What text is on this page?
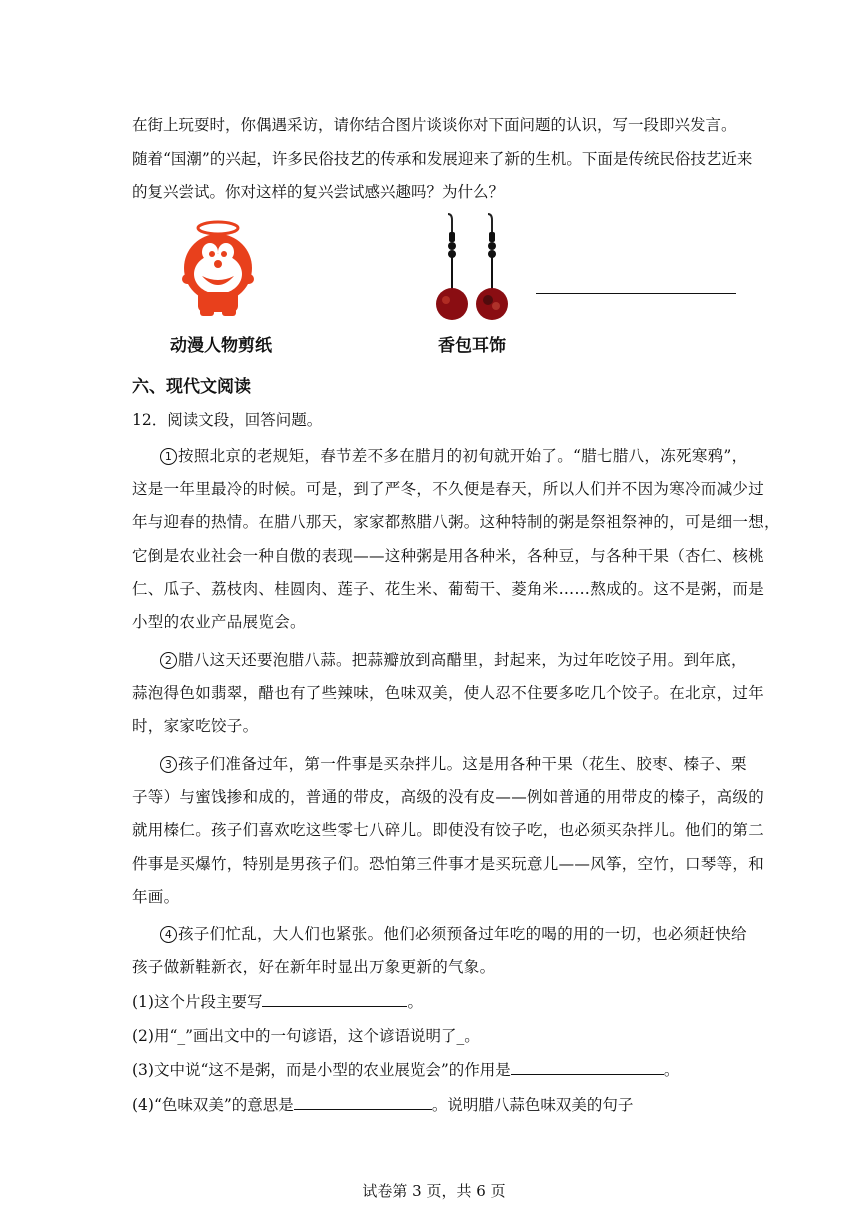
在街上玩耍时，你偶遇采访，请你结合图片谈谈你对下面问题的认识，写一段即兴发言。
随着“国潮”的兴起，许多民俗技艺的传承和发展迎来了新的生机。下面是传统民俗技艺近来
的复兴尝试。你对这样的复兴尝试感兴趣吗？为什么？
动漫人物剪纸	香包耳饰
六、现代文阅读
12．阅读文段，回答问题。
1 按照北京的老规矩，春节差不多在腊月的初旬就开始了。“腊七腊八，冻死寒鸦”，
这是一年里最冷的时候。可是，到了严冬，不久便是春天，所以人们并不因为寒冷而减少过
年与迎春的热情。在腊八那天，家家都熬腊八粥。这种特制的粥是祭祖祭神的，可是细一想，
它倒是农业社会一种自傲的表现——这种粥是用各种米，各种豆，与各种干果（杏仁、核桃
仁、瓜子、荔枝肉、桂圆肉、莲子、花生米、葡萄干、菱角米……熬成的。这不是粥，而是
小型的农业产品展览会。
2 腊八这天还要泡腊八蒜。把蒜瓣放到高醋里，封起来，为过年吃饺子用。到年底，
蒜泡得色如翡翠，醋也有了些辣味，色味双美，使人忍不住要多吃几个饺子。在北京，过年
时，家家吃饺子。
3 孩子们准备过年，第一件事是买杂拌儿。这是用各种干果（花生、胶枣、榛子、栗
子等）与蜜饯掺和成的，普通的带皮，高级的没有皮——例如普通的用带皮的榛子，高级的
就用榛仁。孩子们喜欢吃这些零七八碎儿。即使没有饺子吃，也必须买杂拌儿。他们的第二
件事是买爆竹，特别是男孩子们。恐怕第三件事才是买玩意儿——风筝，空竹，口琴等，和
年画。
4 孩子们忙乱，大人们也紧张。他们必须预备过年吃的喝的用的一切，也必须赶快给
孩子做新鞋新衣，好在新年时显出万象更新的气象。
(1)这个片段主要写	。
(2)用“_”画出文中的一句谚语，这个谚语说明了_。
(3)文中说“这不是粥，而是小型的农业展览会”的作用是	。
(4)“色味双美”的意思是	。说明腊八蒜色味双美的句子
试卷第 3 页，共 6 页
